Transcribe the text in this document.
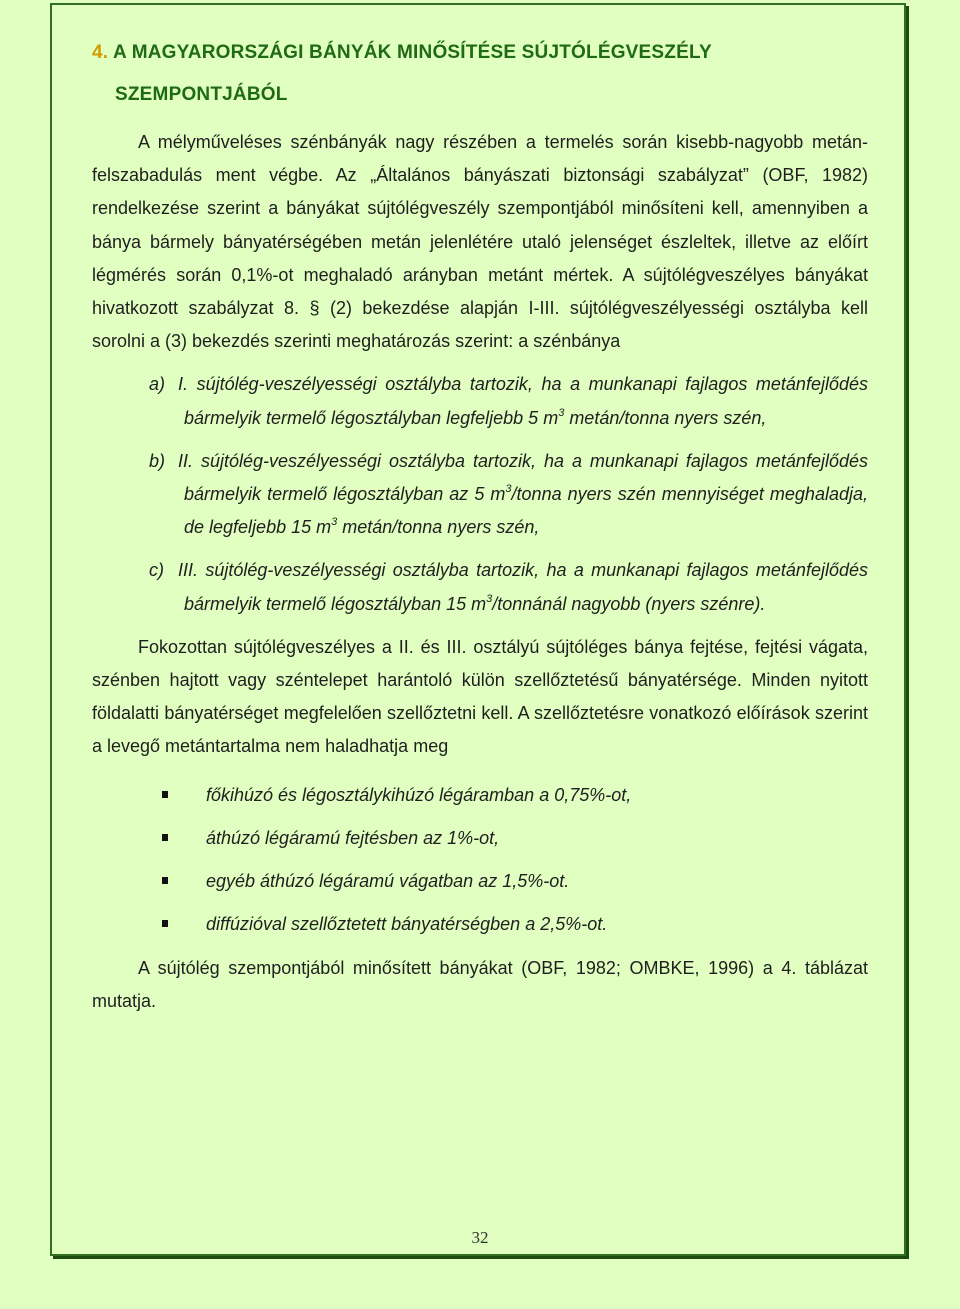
4. A MAGYARORSZÁGI BÁNYÁK MINŐSÍTÉSE SÚJTÓLÉGVESZÉLY
SZEMPONTJÁBÓL

A mélyműveléses szénbányák nagy részében a termelés során kisebb-nagyobb metán-felszabadulás ment végbe. Az „Általános bányászati biztonsági szabályzat” (OBF, 1982) rendelkezése szerint a bányákat sújtólégveszély szempontjából minősíteni kell, amennyiben a bánya bármely bányatérségében metán jelenlétére utaló jelenséget észleltek, illetve az előírt légmérés során 0,1%-ot meghaladó arányban metánt mértek. A sújtólégveszélyes bányákat hivatkozott szabályzat 8. § (2) bekezdése alapján I-III. sújtólégveszélyességi osztályba kell sorolni a (3) bekezdés szerinti meghatározás szerint: a szénbánya

a) I. sújtólég-veszélyességi osztályba tartozik, ha a munkanapi fajlagos metánfejlődés bármelyik termelő légosztályban legfeljebb 5 $m^3$ metán/tonna nyers szén,
b) II. sújtólég-veszélyességi osztályba tartozik, ha a munkanapi fajlagos metánfejlődés bármelyik termelő légosztályban az 5 $m^3$/tonna nyers szén mennyiséget meghaladja, de legfeljebb 15 $m^3$ metán/tonna nyers szén,
c) III. sújtólég-veszélyességi osztályba tartozik, ha a munkanapi fajlagos metánfejlődés bármelyik termelő légosztályban 15 $m^3$/tonnánál nagyobb (nyers szénre).

Fokozottan sújtólégveszélyes a II. és III. osztályú sújtóléges bánya fejtése, fejtési vágata, szénben hajtott vagy széntelepet harántoló külön szellőztetésű bányatérsége. Minden nyitott földalatti bányatérséget megfelelően szellőztetni kell. A szellőztetésre vonatkozó előírások szerint a levegő metántartalma nem haladhatja meg

főkihúzó és légosztálykihúzó légáramban a 0,75%-ot,
áthúzó légáramú fejtésben az 1%-ot,
egyéb áthúzó légáramú vágatban az 1,5%-ot.
diffúzióval szellőztetett bányatérségben a 2,5%-ot.

A sújtólég szempontjából minősített bányákat (OBF, 1982; OMBKE, 1996) a 4. táblázat mutatja.

32
